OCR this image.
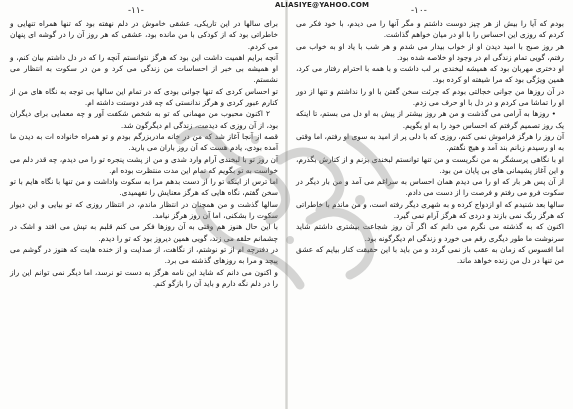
-۱۱-

برای سالها در این تاریکی، عشقی خاموش در دلم نهفته بود که تنها همراه تنهایی و خاطراتی بود که از کودکی با من مانده بود، عشقی که هر روز آن را در گوشه ای پنهان می کردم.

آنچه برایم اهمیت داشت این بود که هرگز نتوانستم آنچه را که در دل داشتم بیان کنم، و او همیشه بی خبر از احساسات من زندگی می کرد و من در سکوت به انتظار می نشستم.

تو احساس کردی که تنها جوانی بودی که در تمام این سالها بی توجه به نگاه های من از کنارم عبور کردی و هرگز ندانستی که چه قدر دوستت داشته ام.

۲ اکنون محبوب من مهمانی که تو به شخص شکفت آور و چه معمایی برای دیگران بود، از آن روزی که دیدمت، زندگی ام دیگرگون شد.

قصه از آنجا آغاز شد که من در خانه مادربزرگم بودم و تو همراه خانواده ات به دیدن ما آمده بودی، یادم هست که آن روز باران می بارید.

آن روز تو با لبخندی آرام وارد شدی و من از پشت پنجره تو را می دیدم، چه قدر دلم می خواست به تو بگویم که تمام این مدت منتظرت بوده ام.

اما ترس از اینکه تو را از دست بدهم مرا به سکوت واداشت و من تنها با نگاه هایم با تو سخن گفتم، نگاه هایی که هرگز معنایش را نفهمیدی.

سالها گذشت و من همچنان در انتظار ماندم، در انتظار روزی که تو بیایی و این دیوار سکوت را بشکنی، اما آن روز هرگز نیامد.

با این حال هنوز هم وقتی به آن روزها فکر می کنم قلبم به تپش می افتد و اشک در چشمانم حلقه می زند، گویی همین دیروز بود که تو را دیدم.

در دفترچه ام از تو نوشتم، از نگاهت، از صدایت و از خنده هایت که هنوز در گوشم می پیچد و مرا به روزهای گذشته می برد.

و اکنون می دانم که شاید این نامه هرگز به دست تو نرسد، اما دیگر نمی توانم این راز را در دلم نگه دارم و باید آن را بازگو کنم.

-۱۰-

بودم که آیا را بیش از هر چیز دوست داشتم و مگر آنها را می دیدم، با خود فکر می کردم که روزی این احساس را با او در میان خواهم گذاشت.

هر روز صبح با امید دیدن او از خواب بیدار می شدم و هر شب با یاد او به خواب می رفتم، گویی تمام زندگی ام در وجود او خلاصه شده بود.

او دختری مهربان بود که همیشه لبخندی بر لب داشت و با همه با احترام رفتار می کرد، همین ویژگی بود که مرا شیفته او کرده بود.

در آن روزها من جوانی خجالتی بودم که جرئت سخن گفتن با او را نداشتم و تنها از دور او را تماشا می کردم و در دل با او حرف می زدم.

• روزها به آرامی می گذشت و من هر روز بیشتر از پیش به او دل می بستم، تا اینکه یک روز تصمیم گرفتم که احساس خود را به او بگویم.

آن روز را هرگز فراموش نمی کنم، روزی که با دلی پر از امید به سوی او رفتم، اما وقتی به او رسیدم زبانم بند آمد و هیچ نگفتم.

او با نگاهی پرسشگر به من نگریست و من تنها توانستم لبخندی بزنم و از کنارش بگذرم، و این آغاز پشیمانی های بی پایان من بود.

از آن پس هر بار که او را می دیدم همان احساس به سراغم می آمد و من بار دیگر در سکوت فرو می رفتم و فرصت را از دست می دادم.

سالها بعد شنیدم که او ازدواج کرده و به شهری دیگر رفته است، و من ماندم با خاطراتی که هرگز رنگ نمی بازند و دردی که هرگز آرام نمی گیرد.

اکنون که به گذشته می نگرم می دانم که اگر آن روز شجاعت بیشتری داشتم شاید سرنوشت ما طور دیگری رقم می خورد و زندگی ام دیگرگونه بود.

اما افسوس که زمان به عقب باز نمی گردد و من باید با این حقیقت کنار بیایم که عشق من تنها در دل من زنده خواهد ماند.

ALIASIYE@YAHOO.COM
